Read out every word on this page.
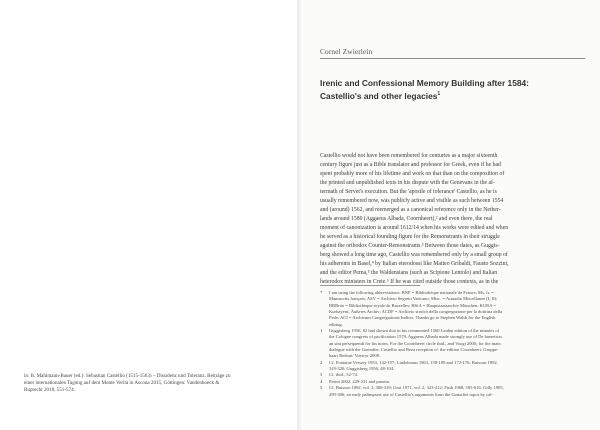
in: B. Mahlmann-Bauer (ed.): Sebastian Castellio (1515-1563) – Dissidenz und Toleranz. Beiträge zu
einer internationalen Tagung auf dem Monte Verità in Ascona 2015, Göttingen: Vandenhoeck &
Ruprecht 2018, 551-574.
Cornel Zwierlein
Irenic and Confessional Memory Building after 1584:
Castellio's and other legacies$^1$
Castellio would not have been remembered for centuries as a major sixteenth
century figure just as a Bible translator and professor for Greek, even if he had
spent probably more of his lifetime and work on that than on the composition of
the printed and unpublished texts in his dispute with the Genevans in the af-
termath of Servet's execution. But the 'apostle of tolerance' Castellio, as he is
usually remembered now, was publicly active and visible as such between 1554
and (around) 1562, and reemerged as a canonical reference only in the Nether-
lands around 1580 (Aggaeus Albada, Coornheert),² and even there, the real
moment of canonization is around 1612/14 when his works were edited and when
he served as a historical founding figure for the Remonstrants in their struggle
against the orthodox Counter-Remonstrants.³ Between those dates, as Guggis-
berg showed a long time ago, Castellio was remembered only by a small group of
his adherents in Basel,⁴ by Italian eterodossi like Matteo Gribaldi, Fausto Sozzini,
and the editor Perna,⁵ the Waldensians (such as Scipione Lentolo) and Italian
heterodox ministers in Crete.⁶ If he was cited outside those contexts, as in the
* I am using the following abbreviations: BNF = Bibliothèque nationale de France; Ms. fr. =
Manuscrits français; ASV = Archivio Segreto Vaticano; Misc. = Armadio Miscellanee (I, II);
BRBrux = Bibliothèque royale de Bruxelles; HStA = Hauptstaatsarchiv München; KURA =
Kurbayern, Äußeres Archiv; ACDF = Archivio storico della congregazione per la dottrina della
Fede; ACI = Archivum Congregationis Indicis. Thanks go to Stephen Walsh for the English
editing.
1 Guggisberg 1956, 82 had shown that in his commented 1560 Leiden edition of the minutes of
the Cologne congress of pacification 1579, Aggaeus Albada made strongly use of De haereticis
an sint persequendi for his notes. For the Coornheert circle ibid., and Voogt 2000; for the main
dialogue with the Gomaliet, Castellio and Beza reception cf. the edition Coornheert: Gruppe-
haari Redoni/ Voewyr 2008.
2 Cf. Fontaine Verwey 1953, 142-157; Lindeboom 1963, 158-180 and 172-176; Buisson 1892,
319-320; Guggisberg 1956, 48-104.
3 Cf. ibid., 32-74.
4 Perini 2002, 229-231 and passim.
5 Cf. Buisson 1892, vol. 2, 300-319; Orot 1971, vol. 2, 323-412; Firth 1968, 585-616; Gilly 1985,
299-306; an early palimpsest use of Castellio's arguments from the Gomaliet topos by cal-
